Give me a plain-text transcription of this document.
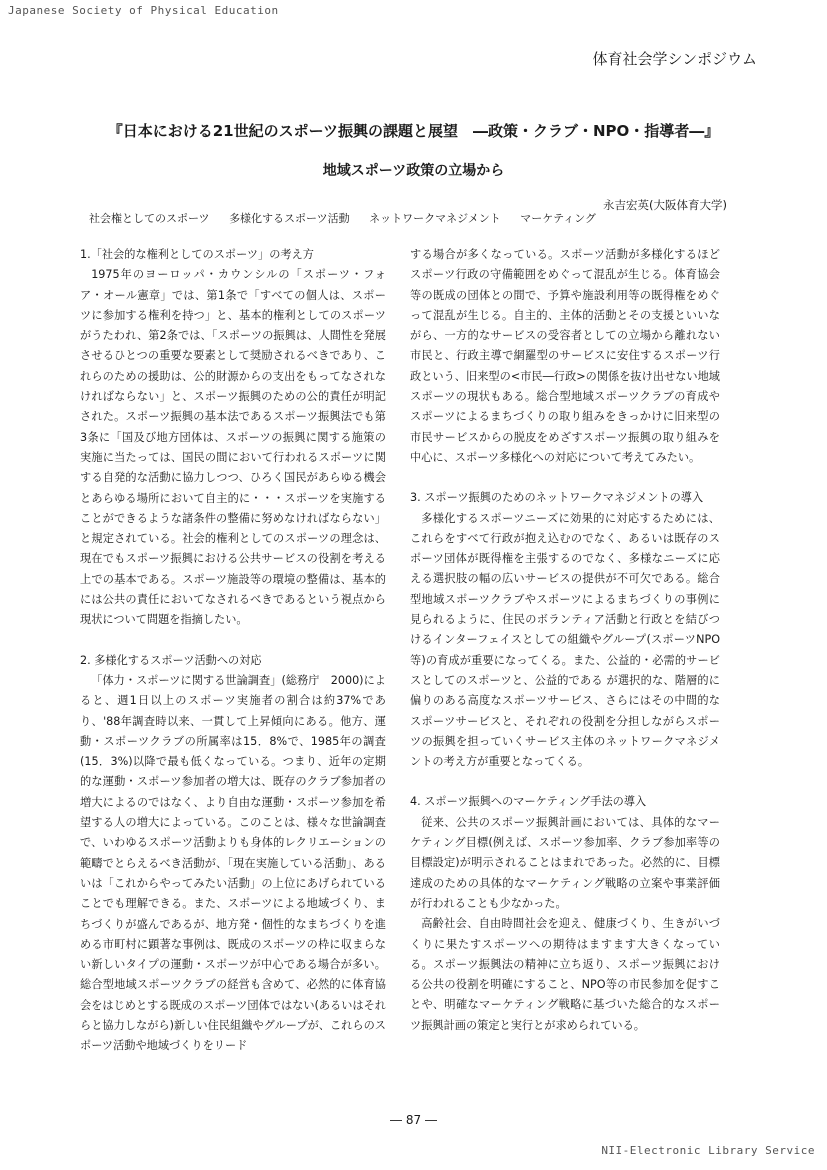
Japanese Society of Physical Education
体育社会学シンポジウム
『日本における21世紀のスポーツ振興の課題と展望　―政策・クラブ・NPO・指導者―』
地域スポーツ政策の立場から
永吉宏英(大阪体育大学)
社会権としてのスポーツ 多様化するスポーツ活動 ネットワークマネジメント マーケティング
1.「社会的な権利としてのスポーツ」の考え方

1975年のヨーロッパ・カウンシルの「スポーツ・フォア・オール憲章」では、第1条で「すべての個人は、スポーツに参加する権利を持つ」と、基本的権利としてのスポーツがうたわれ、第2条では、「スポーツの振興は、人間性を発展させるひとつの重要な要素として奨励されるべきであり、これらのための援助は、公的財源からの支出をもってなされなければならない」と、スポーツ振興のための公的責任が明記された。スポーツ振興の基本法であるスポーツ振興法でも第3条に「国及び地方団体は、スポーツの振興に関する施策の実施に当たっては、国民の間において行われるスポーツに関する自発的な活動に協力しつつ、ひろく国民があらゆる機会とあらゆる場所において自主的に・・・スポーツを実施することができるような諸条件の整備に努めなければならない」と規定されている。社会的権利としてのスポーツの理念は、現在でもスポーツ振興における公共サービスの役割を考える上での基本である。スポーツ施設等の環境の整備は、基本的には公共の責任においてなされるべきであるという視点から現状について問題を指摘したい。

2. 多様化するスポーツ活動への対応

「体力・スポーツに関する世論調査」(総務庁　2000)によると、週1日以上のスポーツ実施者の割合は約37%であり、'88年調査時以来、一貫して上昇傾向にある。他方、運動・スポーツクラブの所属率は15．8%で、1985年の調査(15．3%)以降で最も低くなっている。つまり、近年の定期的な運動・スポーツ参加者の増大は、既存のクラブ参加者の増大によるのではなく、より自由な運動・スポーツ参加を希望する人の増大によっている。このことは、様々な世論調査で、いわゆるスポーツ活動よりも身体的レクリエーションの範疇でとらえるべき活動が、「現在実施している活動」、あるいは「これからやってみたい活動」の上位にあげられていることでも理解できる。また、スポーツによる地域づくり、まちづくりが盛んであるが、地方発・個性的なまちづくりを進める市町村に顕著な事例は、既成のスポーツの枠に収まらない新しいタイプの運動・スポーツが中心である場合が多い。総合型地域スポーツクラブの経営も含めて、必然的に体育協会をはじめとする既成のスポーツ団体ではない(あるいはそれらと協力しながら)新しい住民組織やグループが、これらのスポーツ活動や地域づくりをリード

する場合が多くなっている。スポーツ活動が多様化するほどスポーツ行政の守備範囲をめぐって混乱が生じる。体育協会等の既成の団体との間で、予算や施設利用等の既得権をめぐって混乱が生じる。自主的、主体的活動とその支援といいながら、一方的なサービスの受容者としての立場から離れない市民と、行政主導で網羅型のサービスに安住するスポーツ行政という、旧来型の<市民―行政>の関係を抜け出せない地域スポーツの現状もある。総合型地域スポーツクラブの育成やスポーツによるまちづくりの取り組みをきっかけに旧来型の市民サービスからの脱皮をめざすスポーツ振興の取り組みを中心に、スポーツ多様化への対応について考えてみたい。

3. スポーツ振興のためのネットワークマネジメントの導入

多様化するスポーツニーズに効果的に対応するためには、これらをすべて行政が抱え込むのでなく、あるいは既存のスポーツ団体が既得権を主張するのでなく、多様なニーズに応える選択肢の幅の広いサービスの提供が不可欠である。総合型地域スポーツクラブやスポーツによるまちづくりの事例に見られるように、住民のボランティア活動と行政とを結びつけるインターフェイスとしての組織やグループ(スポーツNPO等)の育成が重要になってくる。また、公益的・必需的サービスとしてのスポーツと、公益的である が選択的な、階層的に偏りのある高度なスポーツサービス、さらにはその中間的なスポーツサービスと、それぞれの役割を分担しながらスポーツの振興を担っていくサービス主体のネットワークマネジメントの考え方が重要となってくる。

4. スポーツ振興へのマーケティング手法の導入

従来、公共のスポーツ振興計画においては、具体的なマーケティング目標(例えば、スポーツ参加率、クラブ参加率等の目標設定)が明示されることはまれであった。必然的に、目標達成のための具体的なマーケティング戦略の立案や事業評価が行われることも少なかった。

高齢社会、自由時間社会を迎え、健康づくり、生きがいづくりに果たすスポーツへの期待はますます大きくなっている。スポーツ振興法の精神に立ち返り、スポーツ振興における公共の役割を明確にすること、NPO等の市民参加を促すことや、明確なマーケティング戦略に基づいた総合的なスポーツ振興計画の策定と実行とが求められている。

― 87 ―
NII-Electronic Library Service
